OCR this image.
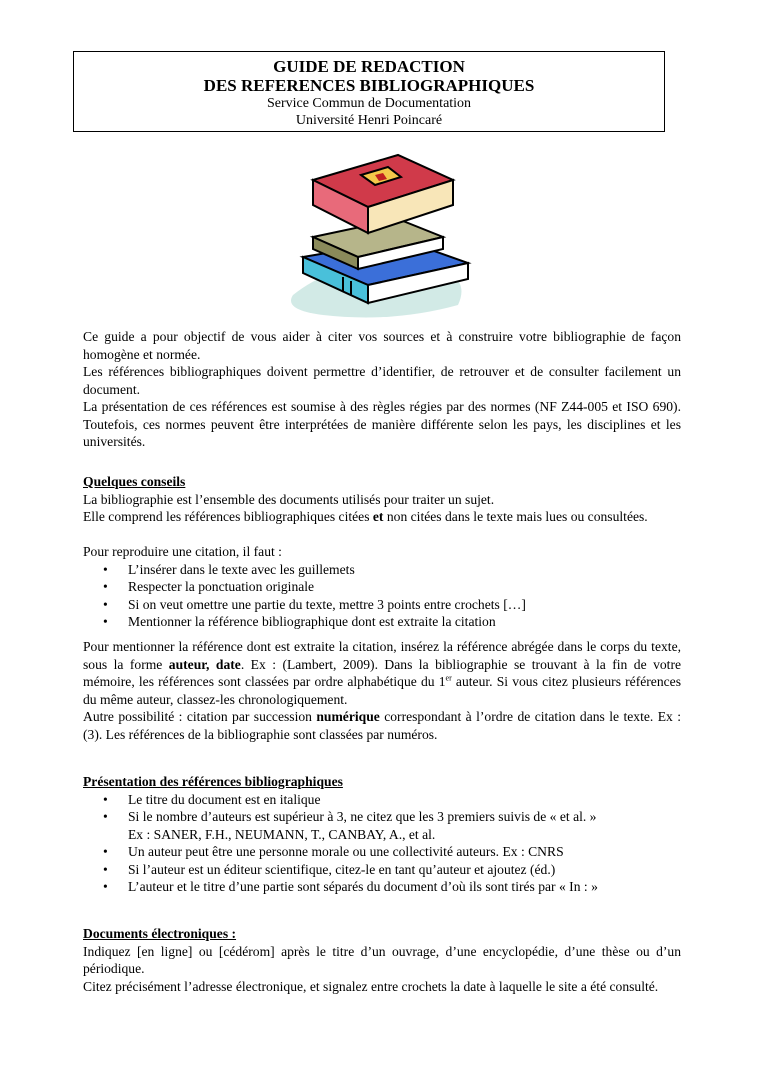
GUIDE DE REDACTION
DES REFERENCES BIBLIOGRAPHIQUES
Service Commun de Documentation
Université Henri Poincaré

Ce guide a pour objectif de vous aider à citer vos sources et à construire votre bibliographie de façon homogène et normée.

Les références bibliographiques doivent permettre d’identifier, de retrouver et de consulter facilement un document.

La présentation de ces références est soumise à des règles régies par des normes (NF Z44-005 et ISO 690). Toutefois, ces normes peuvent être interprétées de manière différente selon les pays, les disciplines et les universités.

Quelques conseils

La bibliographie est l’ensemble des documents utilisés pour traiter un sujet.

Elle comprend les références bibliographiques citées et non citées dans le texte mais lues ou consultées.

Pour reproduire une citation, il faut :

• L’insérer dans le texte avec les guillemets
• Respecter la ponctuation originale
• Si on veut omettre une partie du texte, mettre 3 points entre crochets […]
• Mentionner la référence bibliographique dont est extraite la citation

Pour mentionner la référence dont est extraite la citation, insérez la référence abrégée dans le corps du texte, sous la forme auteur, date. Ex : (Lambert, 2009). Dans la bibliographie se trouvant à la fin de votre mémoire, les références sont classées par ordre alphabétique du 1er auteur. Si vous citez plusieurs références du même auteur, classez-les chronologiquement.

Autre possibilité : citation par succession numérique correspondant à l’ordre de citation dans le texte. Ex : (3). Les références de la bibliographie sont classées par numéros.

Présentation des références bibliographiques

• Le titre du document est en italique
• Si le nombre d’auteurs est supérieur à 3, ne citez que les 3 premiers suivis de « et al. »
Ex : SANER, F.H., NEUMANN, T., CANBAY, A., et al.
• Un auteur peut être une personne morale ou une collectivité auteurs. Ex : CNRS
• Si l’auteur est un éditeur scientifique, citez-le en tant qu’auteur et ajoutez (éd.)
• L’auteur et le titre d’une partie sont séparés du document d’où ils sont tirés par « In : »

Documents électroniques :

Indiquez [en ligne] ou [cédérom] après le titre d’un ouvrage, d’une encyclopédie, d’une thèse ou d’un périodique.

Citez précisément l’adresse électronique, et signalez entre crochets la date à laquelle le site a été consulté.
